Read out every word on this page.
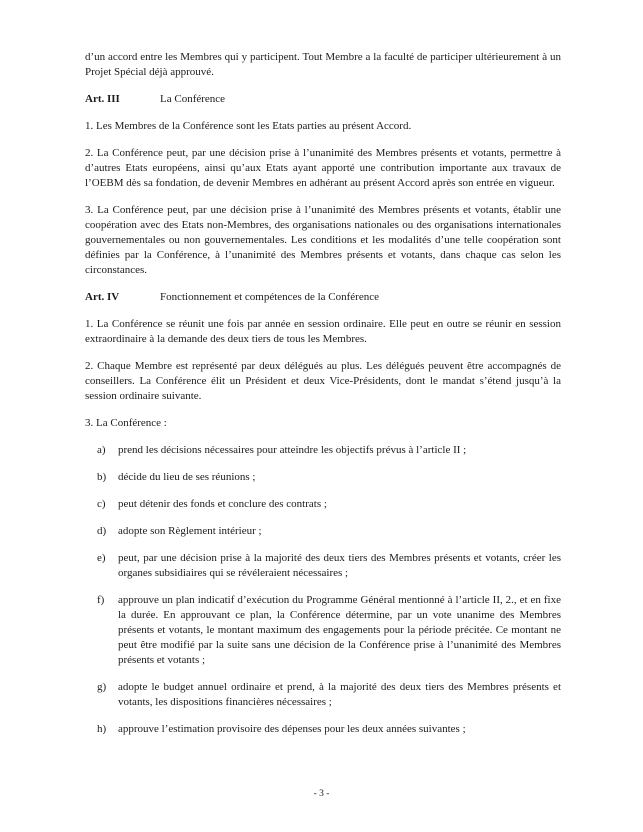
d’un accord entre les Membres qui y participent. Tout Membre a la faculté de participer ultérieurement à un Projet Spécial déjà approuvé.

Art. III	La Conférence

1. Les Membres de la Conférence sont les Etats parties au présent Accord.

2. La Conférence peut, par une décision prise à l’unanimité des Membres présents et votants, permettre à d’autres Etats européens, ainsi qu’aux Etats ayant apporté une contribution importante aux travaux de l’OEBM dès sa fondation, de devenir Membres en adhérant au présent Accord après son entrée en vigueur.

3. La Conférence peut, par une décision prise à l’unanimité des Membres présents et votants, établir une coopération avec des Etats non-Membres, des organisations nationales ou des organisations internationales gouvernementales ou non gouvernementales. Les conditions et les modalités d’une telle coopération sont définies par la Conférence, à l’unanimité des Membres présents et votants, dans chaque cas selon les circonstances.

Art. IV	Fonctionnement et compétences de la Conférence

1. La Conférence se réunit une fois par année en session ordinaire. Elle peut en outre se réunir en session extraordinaire à la demande des deux tiers de tous les Membres.

2. Chaque Membre est représenté par deux délégués au plus. Les délégués peuvent être accompagnés de conseillers. La Conférence élit un Président et deux Vice-Présidents, dont le mandat s’étend jusqu’à la session ordinaire suivante.

3. La Conférence :

a) prend les décisions nécessaires pour atteindre les objectifs prévus à l’article II ;
b) décide du lieu de ses réunions ;
c) peut détenir des fonds et conclure des contrats ;
d) adopte son Règlement intérieur ;
e) peut, par une décision prise à la majorité des deux tiers des Membres présents et votants, créer les organes subsidiaires qui se révéleraient nécessaires ;
f) approuve un plan indicatif d’exécution du Programme Général mentionné à l’article II, 2., et en fixe la durée. En approuvant ce plan, la Conférence détermine, par un vote unanime des Membres présents et votants, le montant maximum des engagements pour la période précitée. Ce montant ne peut être modifié par la suite sans une décision de la Conférence prise à l’unanimité des Membres présents et votants ;
g) adopte le budget annuel ordinaire et prend, à la majorité des deux tiers des Membres présents et votants, les dispositions financières nécessaires ;
h) approuve l’estimation provisoire des dépenses pour les deux années suivantes ;
- 3 -
